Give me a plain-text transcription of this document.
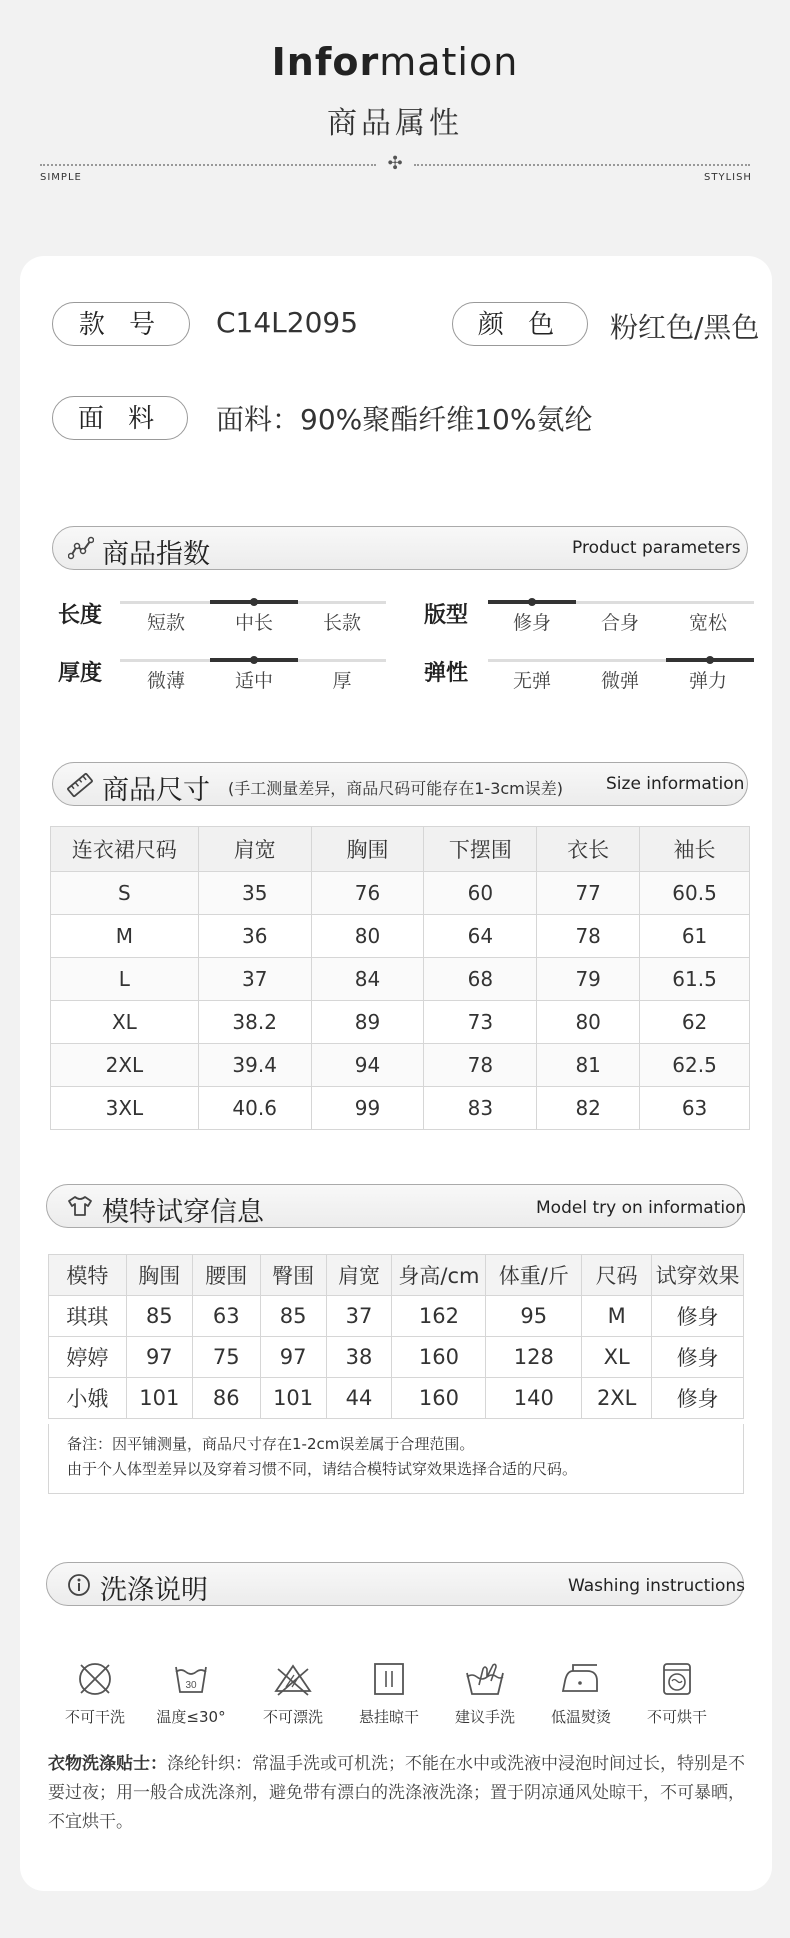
Information
商品属性
✣
SIMPLE	STYLISH
款 号	C14L2095	颜 色	粉红色/黑色
面 料	面料：90%聚酯纤维10%氨纶
商品指数	Product parameters
长度	短款	中长	长款	版型	修身	合身	宽松
厚度	微薄	适中	厚	弹性	无弹	微弹	弹力
商品尺寸 (手工测量差异，商品尺码可能存在1-3cm误差)	Size information
连衣裙尺码	肩宽	胸围	下摆围	衣长	袖长
S	35	76	60	77	60.5
M	36	80	64	78	61
L	37	84	68	79	61.5
XL	38.2	89	73	80	62
2XL	39.4	94	78	81	62.5
3XL	40.6	99	83	82	63
模特试穿信息	Model try on information
模特	胸围	腰围	臀围	肩宽	身高/cm	体重/斤	尺码	试穿效果
琪琪	85	63	85	37	162	95	M	修身
婷婷	97	75	97	38	160	128	XL	修身
小娥	101	86	101	44	160	140	2XL	修身
备注：因平铺测量，商品尺寸存在1-2cm误差属于合理范围。
由于个人体型差异以及穿着习惯不同，请结合模特试穿效果选择合适的尺码。
洗涤说明	Washing instructions
不可干洗
30
温度≤30°	不可漂洗	悬挂晾干	建议手洗	低温熨烫	不可烘干
衣物洗涤贴士：涤纶针织：常温手洗或可机洗；不能在水中或洗液中浸泡时间过长，特别是不要过夜；用一般合成洗涤剂，避免带有漂白的洗涤液洗涤；置于阴凉通风处晾干，不可暴晒，不宜烘干。
